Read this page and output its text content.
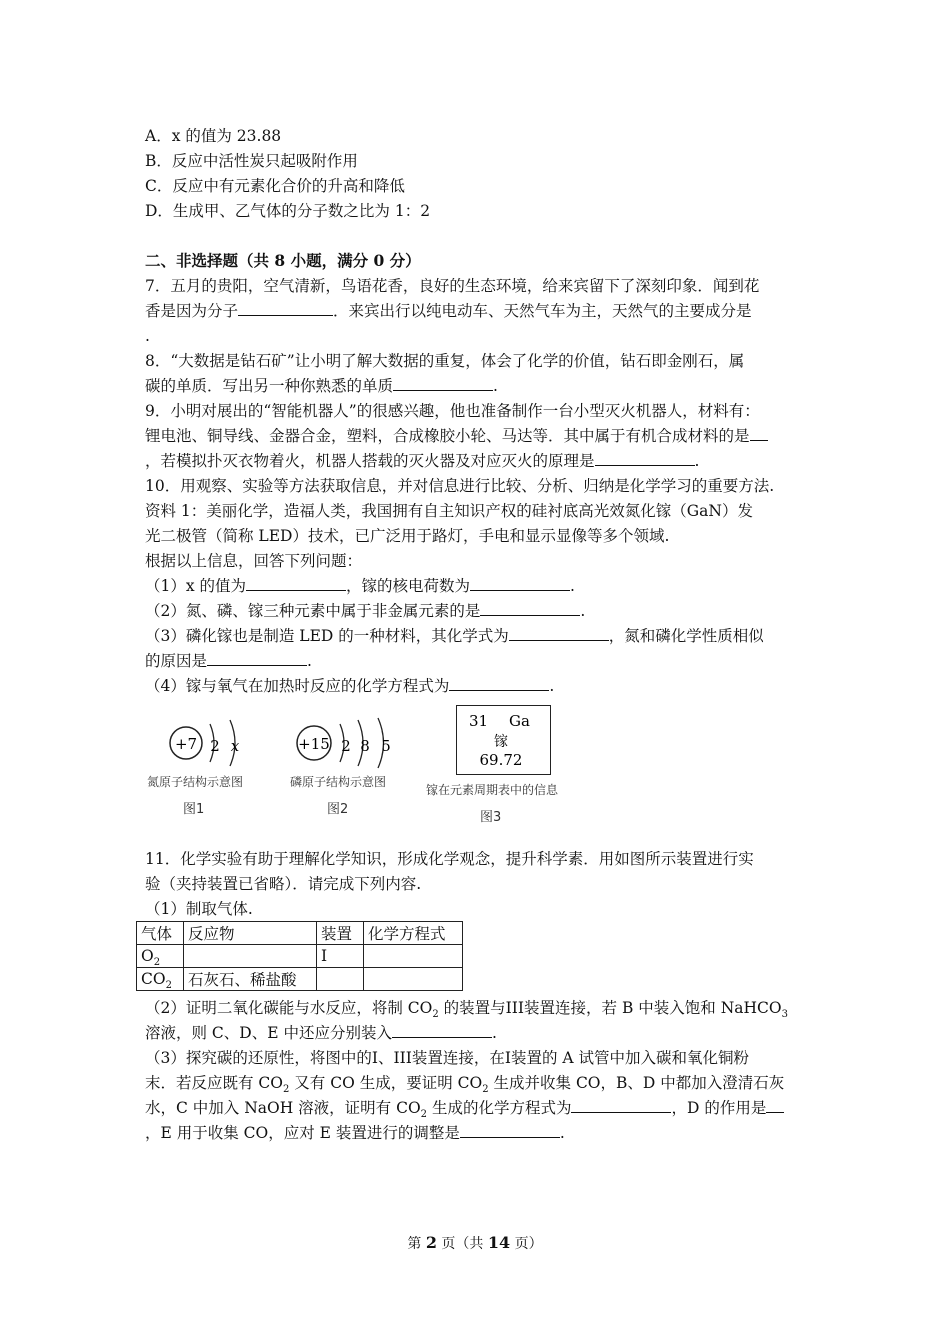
A．x 的值为 23.88
B．反应中活性炭只起吸附作用
C．反应中有元素化合价的升高和降低
D．生成甲、乙气体的分子数之比为 1：2
二、非选择题（共 8 小题，满分 0 分）
7．五月的贵阳，空气清新，鸟语花香，良好的生态环境，给来宾留下了深刻印象．闻到花
香是因为分子	．来宾出行以纯电动车、天然气车为主，天然气的主要成分是
.
8．“大数据是钻石矿”让小明了解大数据的重复，体会了化学的价值，钻石即金刚石，属
碳的单质．写出另一种你熟悉的单质	.
9．小明对展出的“智能机器人”的很感兴趣，他也准备制作一台小型灭火机器人，材料有：
锂电池、铜导线、金器合金，塑料，合成橡胶小轮、马达等．其中属于有机合成材料的是
，若模拟扑灭衣物着火，机器人搭载的灭火器及对应灭火的原理是	.
10．用观察、实验等方法获取信息，并对信息进行比较、分析、归纳是化学学习的重要方法.
资料 1：美丽化学，造福人类，我国拥有自主知识产权的硅衬底高光效氮化镓（GaN）发
光二极管（简称 LED）技术，已广泛用于路灯，手电和显示显像等多个领域.
根据以上信息，回答下列问题：
（1）x 的值为	，镓的核电荷数为	.
（2）氮、磷、镓三种元素中属于非金属元素的是	.
（3）磷化镓也是制造 LED 的一种材料，其化学式为	，氮和磷化学性质相似
的原因是	.
（4）镓与氧气在加热时反应的化学方程式为	.
+7 2 x
氮原子结构示意图
图1
+15 2 8 5
磷原子结构示意图
图2
31 Ga
镓
69.72
镓在元素周期表中的信息
图3
11．化学实验有助于理解化学知识，形成化学观念，提升科学素．用如图所示装置进行实
验（夹持装置已省略）．请完成下列内容.
（1）制取气体.
气体	反应物	装置	化学方程式
$O_2$		I	
$CO_2$	石灰石、稀盐酸		
（2）证明二氧化碳能与水反应，将制 $CO_2$ 的装置与III装置连接，若 B 中装入饱和 NaHCO$_3$
溶液，则 C、D、E 中还应分别装入	.
（3）探究碳的还原性，将图中的Ⅰ、III装置连接，在Ⅰ装置的 A 试管中加入碳和氧化铜粉
末．若反应既有 $CO_2$ 又有 CO 生成，要证明 $CO_2$ 生成并收集 CO，B、D 中都加入澄清石灰
水，C 中加入 NaOH 溶液，证明有 $CO_2$ 生成的化学方程式为	，D 的作用是
，E 用于收集 CO，应对 E 装置进行的调整是	.
第 2 页（共 14 页）
